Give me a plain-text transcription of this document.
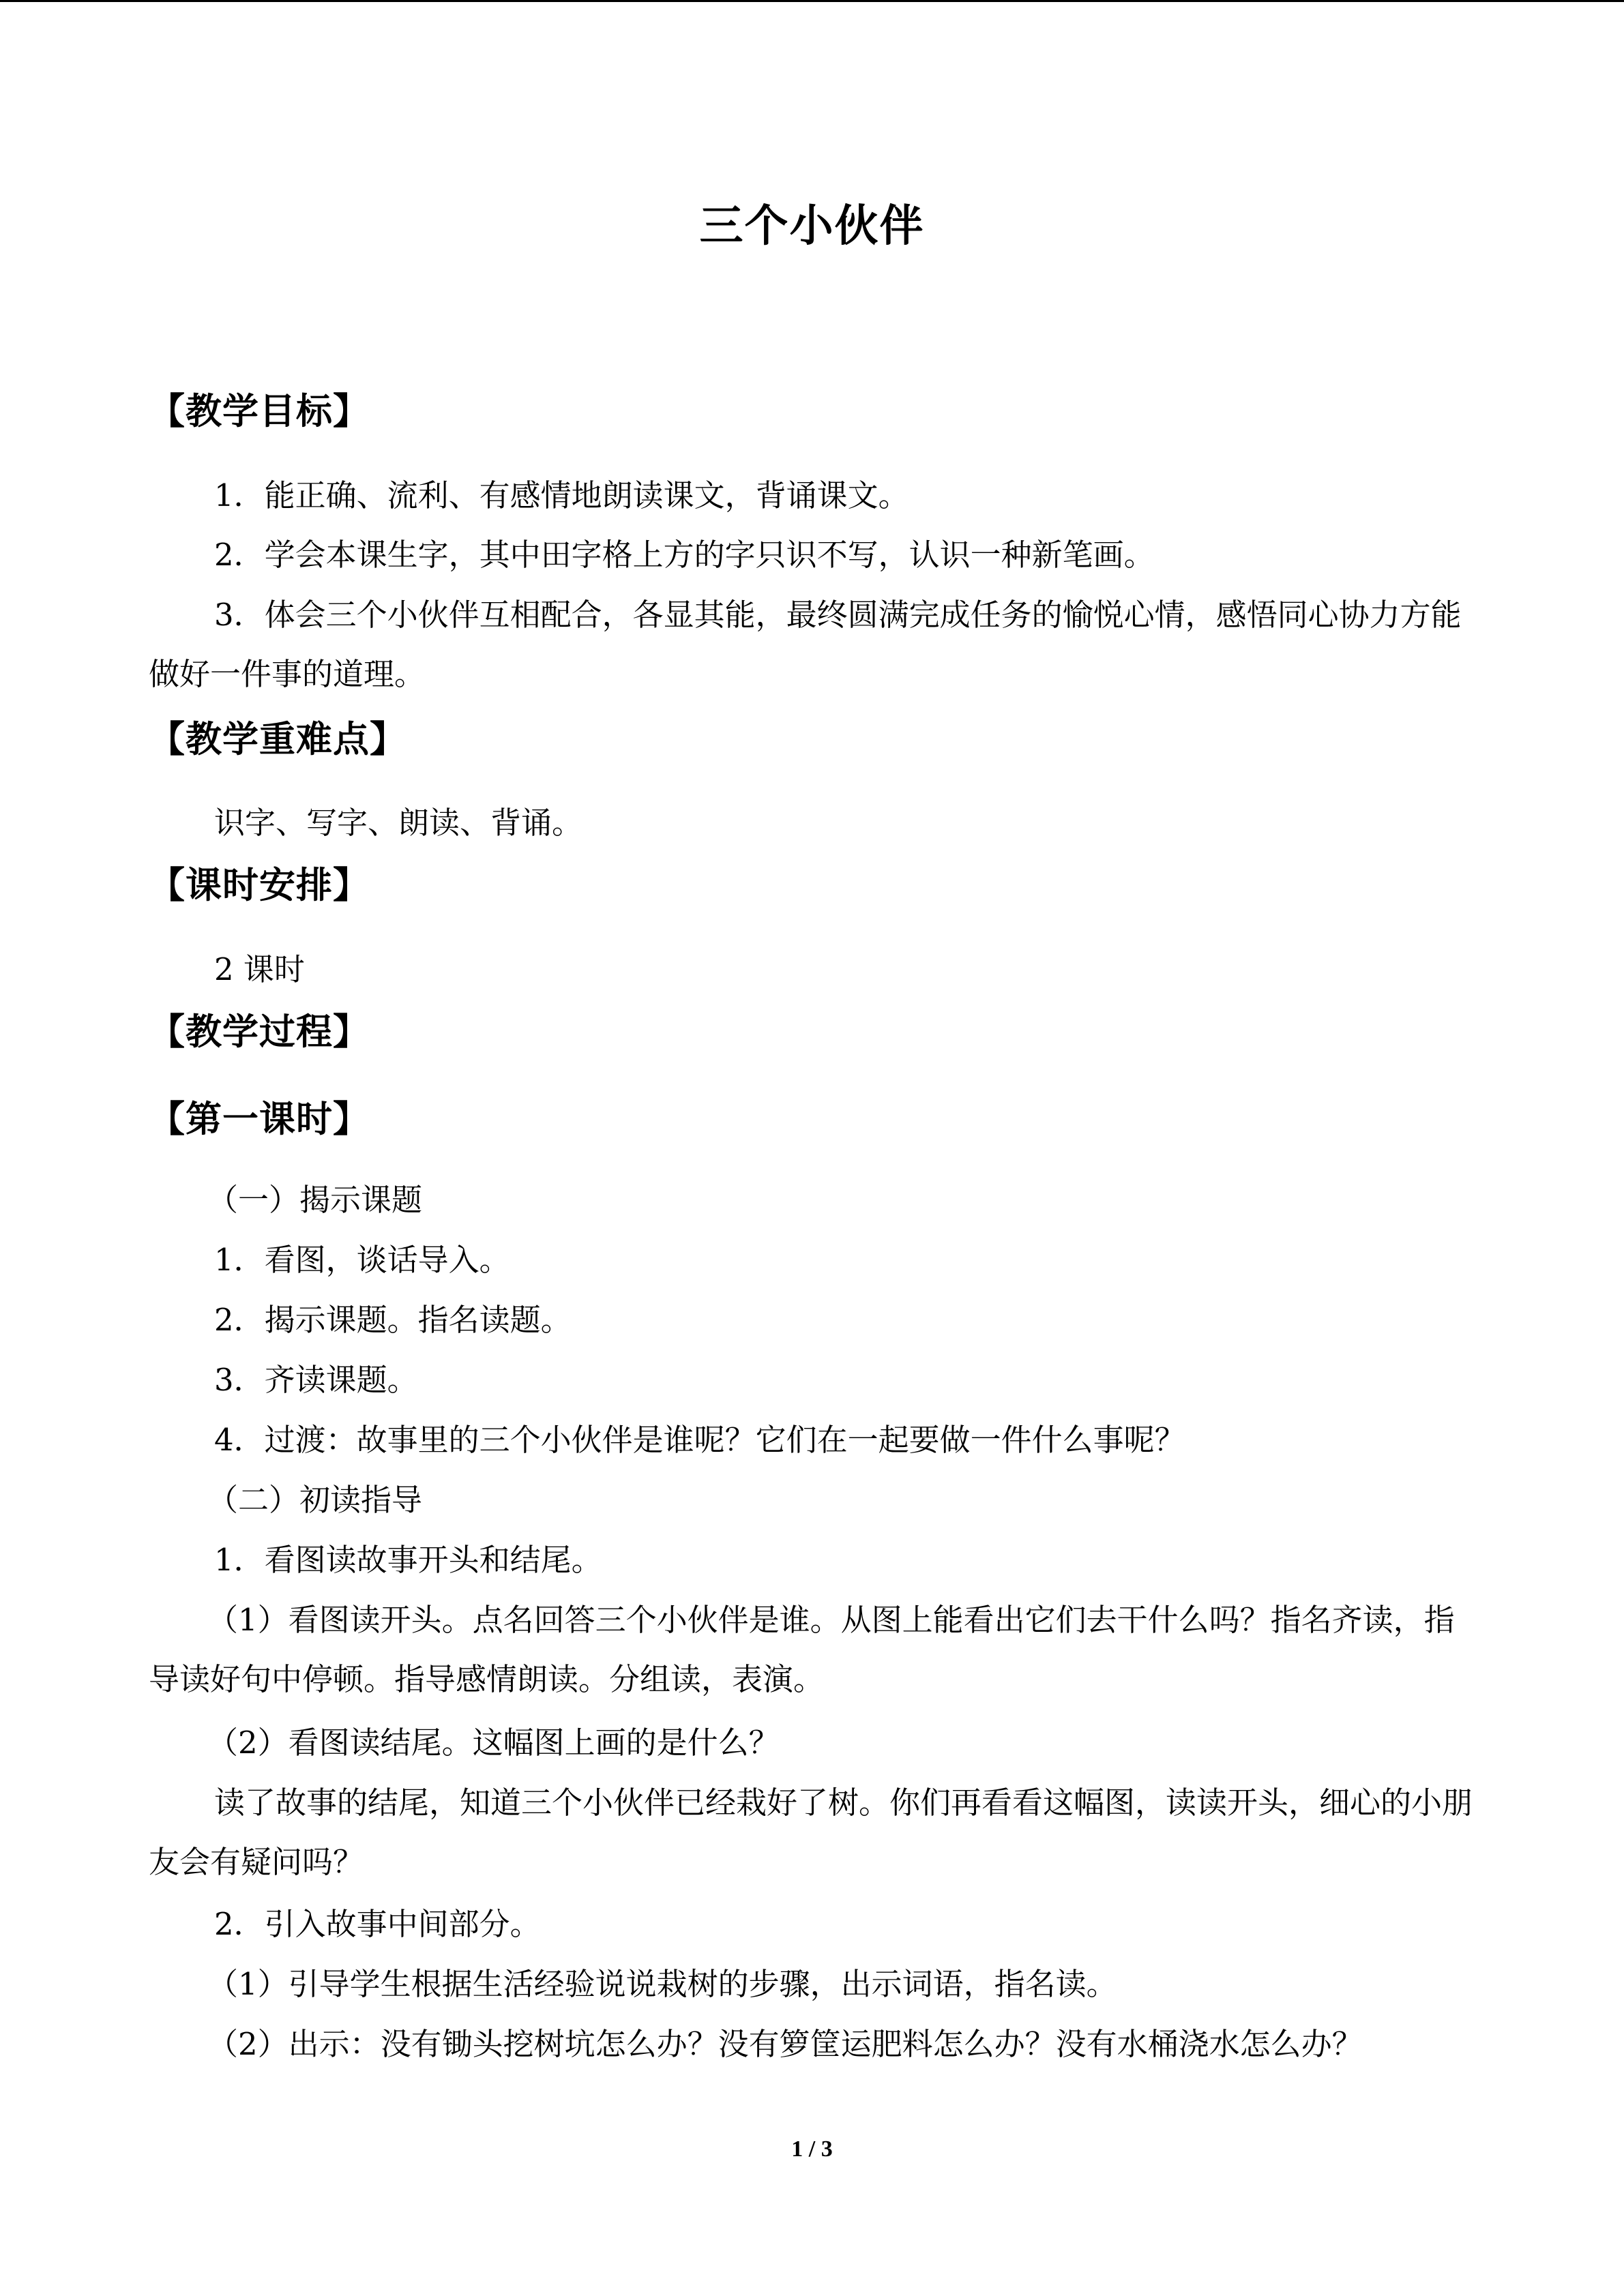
三个小伙伴
【教学目标】
1．能正确、流利、有感情地朗读课文，背诵课文。
2．学会本课生字，其中田字格上方的字只识不写，认识一种新笔画。
3．体会三个小伙伴互相配合，各显其能，最终圆满完成任务的愉悦心情，感悟同心协力方能做好一件事的道理。
【教学重难点】
识字、写字、朗读、背诵。
【课时安排】
2 课时
【教学过程】
【第一课时】
（一）揭示课题
1．看图，谈话导入。
2．揭示课题。指名读题。
3．齐读课题。
4．过渡：故事里的三个小伙伴是谁呢？它们在一起要做一件什么事呢？
（二）初读指导
1．看图读故事开头和结尾。
（1）看图读开头。点名回答三个小伙伴是谁。从图上能看出它们去干什么吗？指名齐读，指导读好句中停顿。指导感情朗读。分组读，表演。
（2）看图读结尾。这幅图上画的是什么？
读了故事的结尾，知道三个小伙伴已经栽好了树。你们再看看这幅图，读读开头，细心的小朋友会有疑问吗？
2．引入故事中间部分。
（1）引导学生根据生活经验说说栽树的步骤，出示词语，指名读。
（2）出示：没有锄头挖树坑怎么办？没有箩筐运肥料怎么办？没有水桶浇水怎么办？
1 / 3
